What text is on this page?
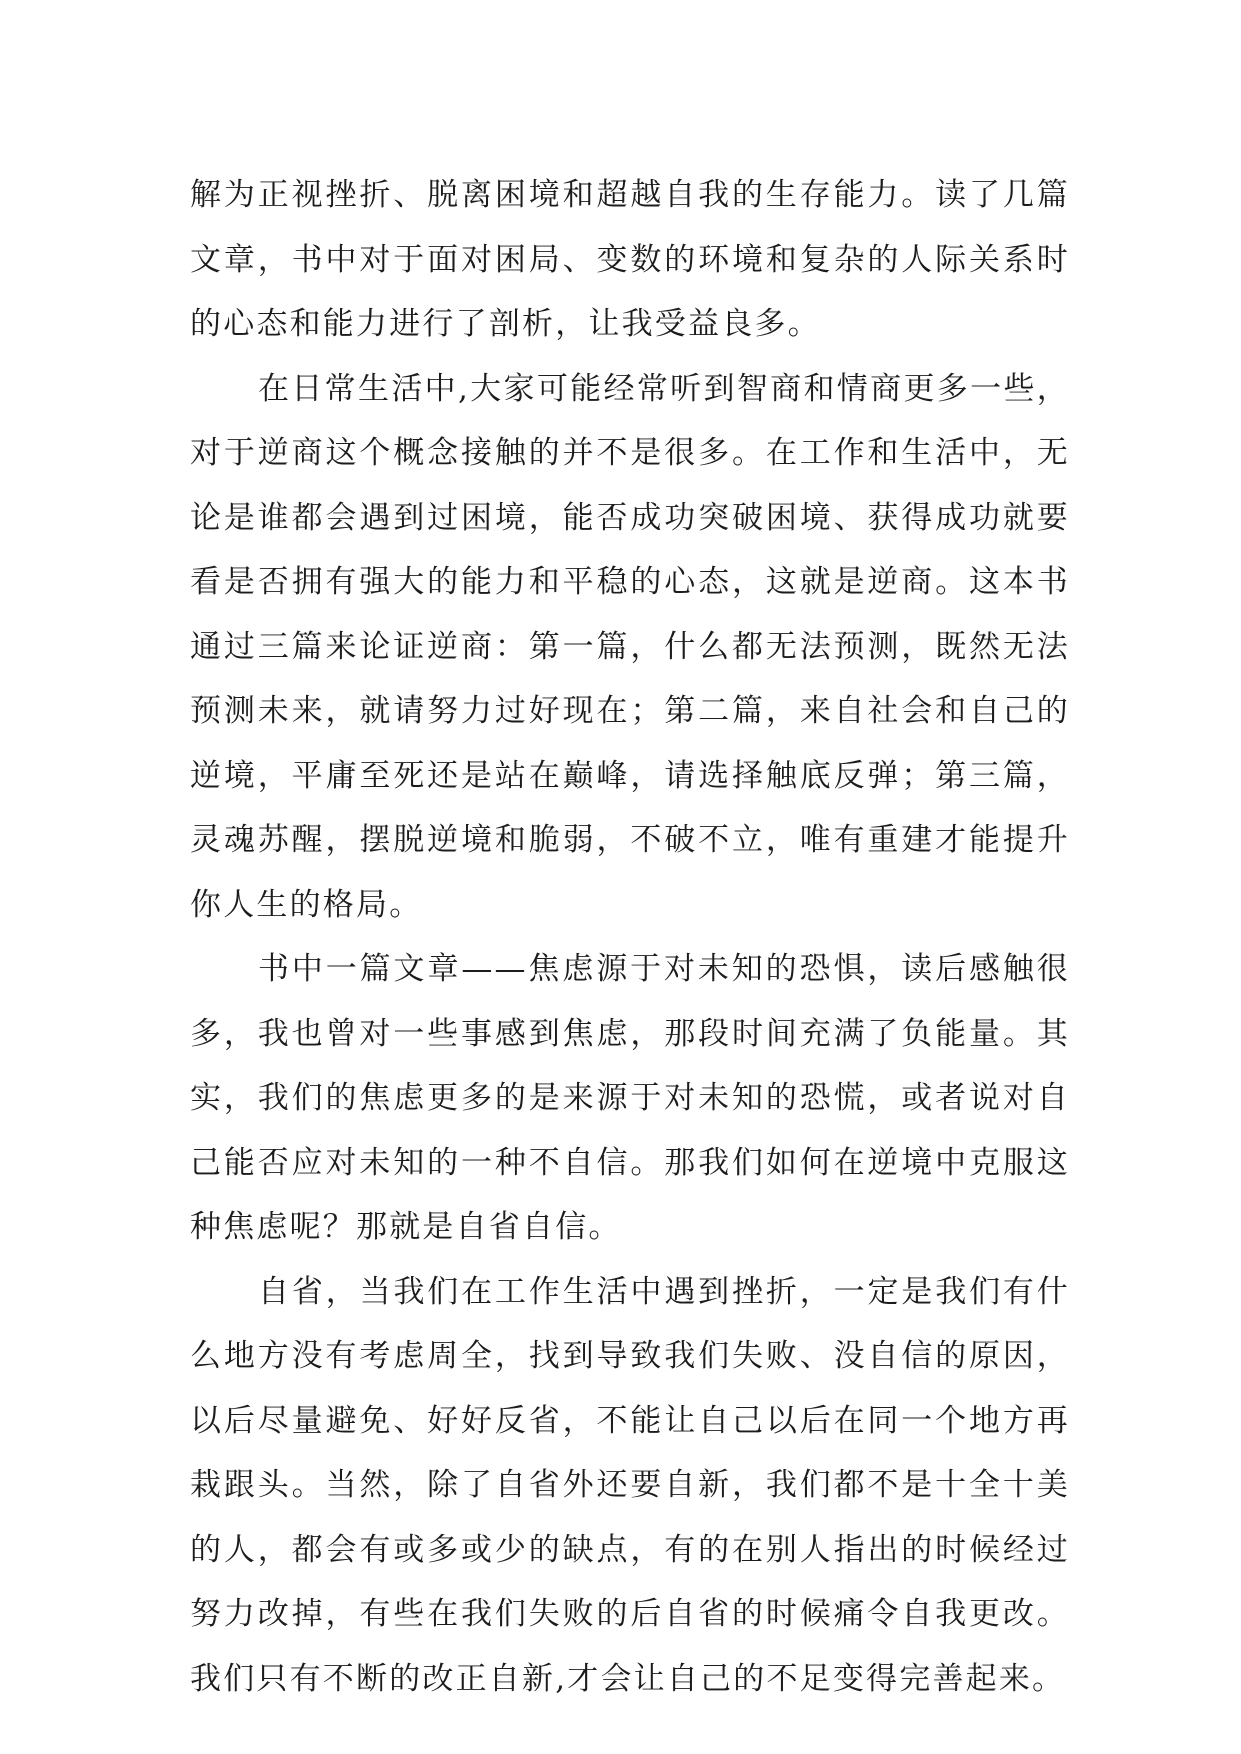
解为正视挫折、脱离困境和超越自我的生存能力。读了几篇
文章，书中对于面对困局、变数的环境和复杂的人际关系时
的心态和能力进行了剖析，让我受益良多。
在日常生活中,大家可能经常听到智商和情商更多一些，
对于逆商这个概念接触的并不是很多。在工作和生活中，无
论是谁都会遇到过困境，能否成功突破困境、获得成功就要
看是否拥有强大的能力和平稳的心态，这就是逆商。这本书
通过三篇来论证逆商：第一篇，什么都无法预测，既然无法
预测未来，就请努力过好现在；第二篇，来自社会和自己的
逆境，平庸至死还是站在巅峰，请选择触底反弹；第三篇，
灵魂苏醒，摆脱逆境和脆弱，不破不立，唯有重建才能提升
你人生的格局。
书中一篇文章——焦虑源于对未知的恐惧，读后感触很
多，我也曾对一些事感到焦虑，那段时间充满了负能量。其
实，我们的焦虑更多的是来源于对未知的恐慌，或者说对自
己能否应对未知的一种不自信。那我们如何在逆境中克服这
种焦虑呢？那就是自省自信。
自省，当我们在工作生活中遇到挫折，一定是我们有什
么地方没有考虑周全，找到导致我们失败、没自信的原因，
以后尽量避免、好好反省，不能让自己以后在同一个地方再
栽跟头。当然，除了自省外还要自新，我们都不是十全十美
的人，都会有或多或少的缺点，有的在别人指出的时候经过
努力改掉，有些在我们失败的后自省的时候痛令自我更改。
我们只有不断的改正自新,才会让自己的不足变得完善起来。
